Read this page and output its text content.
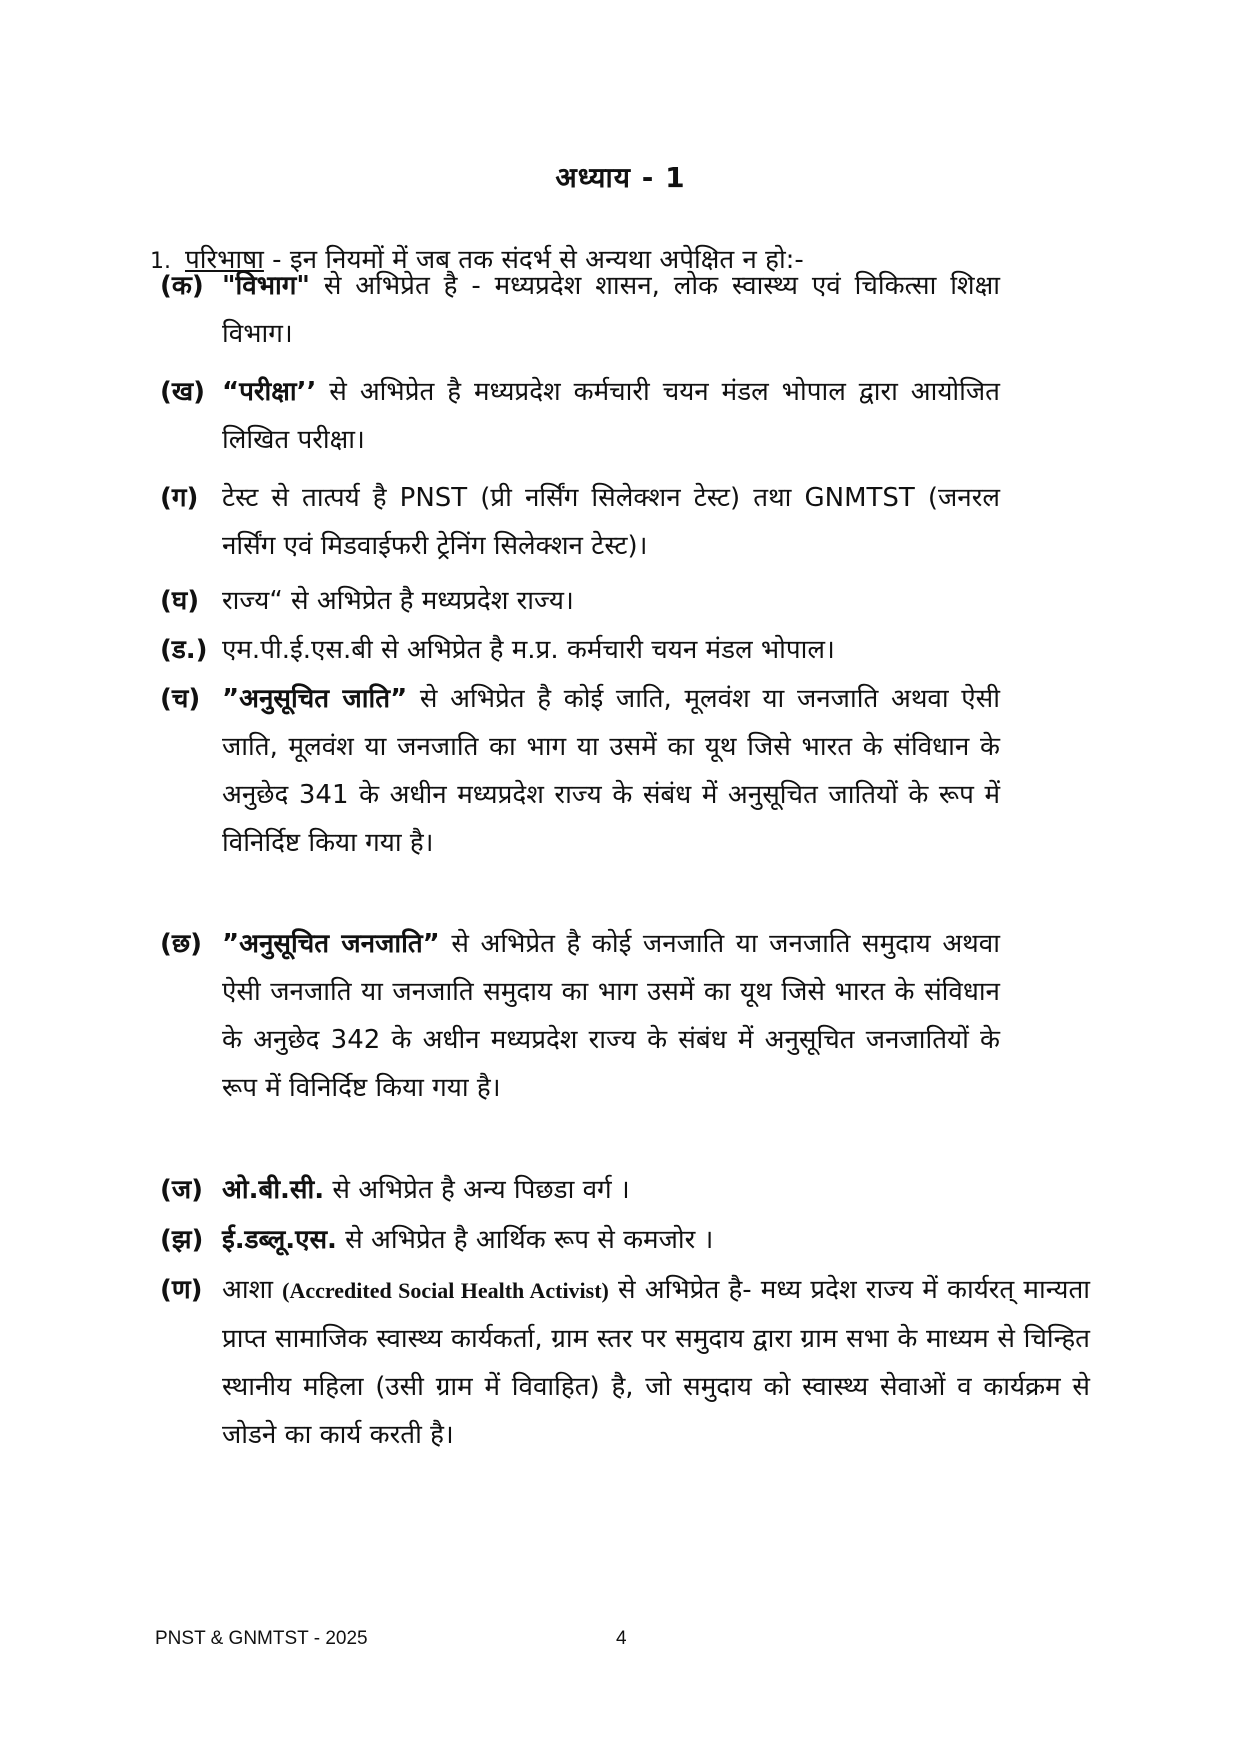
अध्याय - 1
1. परिभाषा - इन नियमों में जब तक संदर्भ से अन्यथा अपेक्षित न हो:-
(क) "विभाग" से अभिप्रेत है - मध्यप्रदेश शासन, लोक स्वास्थ्य एवं चिकित्सा शिक्षा विभाग।
(ख) “परीक्षा’’ से अभिप्रेत है मध्यप्रदेश कर्मचारी चयन मंडल भोपाल द्वारा आयोजित लिखित परीक्षा।
(ग) टेस्ट से तात्पर्य है PNST (प्री नर्सिंग सिलेक्शन टेस्ट) तथा GNMTST (जनरल नर्सिंग एवं मिडवाईफरी ट्रेनिंग सिलेक्शन टेस्ट)।
(घ) राज्य“ से अभिप्रेत है मध्यप्रदेश राज्य।
(ड.) एम.पी.ई.एस.बी से अभिप्रेत है म.प्र. कर्मचारी चयन मंडल भोपाल।
(च) ”अनुसूचित जाति” से अभिप्रेत है कोई जाति, मूलवंश या जनजाति अथवा ऐसी जाति, मूलवंश या जनजाति का भाग या उसमें का यूथ जिसे भारत के संविधान के अनुछेद 341 के अधीन मध्यप्रदेश राज्य के संबंध में अनुसूचित जातियों के रूप में विनिर्दिष्ट किया गया है।
(छ) ”अनुसूचित जनजाति” से अभिप्रेत है कोई जनजाति या जनजाति समुदाय अथवा ऐसी जनजाति या जनजाति समुदाय का भाग उसमें का यूथ जिसे भारत के संविधान के अनुछेद 342 के अधीन मध्यप्रदेश राज्य के संबंध में अनुसूचित जनजातियों के रूप में विनिर्दिष्ट किया गया है।
(ज) ओ.बी.सी. से अभिप्रेत है अन्य पिछडा वर्ग ।
(झ) ई.डब्लू.एस. से अभिप्रेत है आर्थिक रूप से कमजोर ।
(ण) आशा (Accredited Social Health Activist) से अभिप्रेत है- मध्य प्रदेश राज्य में कार्यरत् मान्यता प्राप्त सामाजिक स्वास्थ्य कार्यकर्ता, ग्राम स्तर पर समुदाय द्वारा ग्राम सभा के माध्यम से चिन्हित स्थानीय महिला (उसी ग्राम में विवाहित) है, जो समुदाय को स्वास्थ्य सेवाओं व कार्यक्रम से जोडने का कार्य करती है।
PNST & GNMTST - 2025	4
